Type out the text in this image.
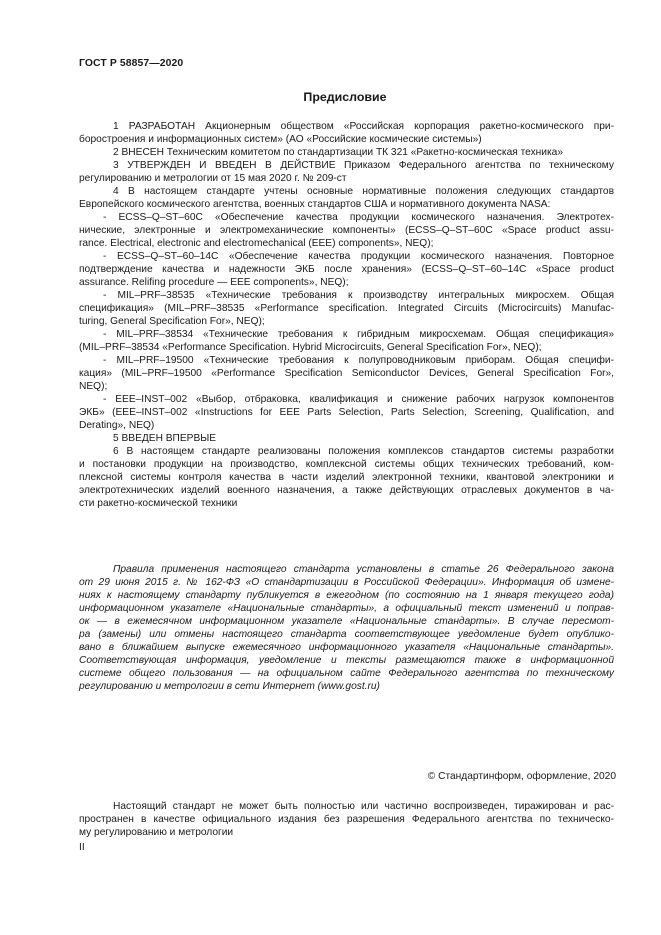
ГОСТ Р 58857—2020
Предисловие
1 РАЗРАБОТАН Акционерным обществом «Российская корпорация ракетно-космического при-
боростроения и информационных систем» (АО «Российские космические системы»)
2 ВНЕСЕН Техническим комитетом по стандартизации ТК 321 «Ракетно-космическая техника»
3 УТВЕРЖДЕН И ВВЕДЕН В ДЕЙСТВИЕ Приказом Федерального агентства по техническому
регулированию и метрологии от 15 мая 2020 г. № 209-ст
4 В настоящем стандарте учтены основные нормативные положения следующих стандартов
Европейского космического агентства, военных стандартов США и нормативного документа NASA:
- ECSS–Q–ST–60C «Обеспечение качества продукции космического назначения. Электротех-
нические, электронные и электромеханические компоненты» (ECSS–Q–ST–60C «Space product assu-
rance. Electrical, electronic and electromechanical (EEE) components», NEQ);
- ECSS–Q–ST–60–14C «Обеспечение качества продукции космического назначения. Повторное
подтверждение качества и надежности ЭКБ после хранения» (ECSS–Q–ST–60–14C «Space product
assurance. Relifing procedure — EEE components», NEQ);
- MIL–PRF–38535 «Технические требования к производству интегральных микросхем. Общая
спецификация» (MIL–PRF–38535 «Performance specification. Integrated Circuits (Microcircuits) Manufac-
turing, General Specification For», NEQ);
- MIL–PRF–38534 «Технические требования к гибридным микросхемам. Общая спецификация»
(MIL–PRF–38534 «Performance Specification. Hybrid Microcircuits, General Specification For», NEQ);
- MIL–PRF–19500 «Технические требования к полупроводниковым приборам. Общая специфи-
кация» (MIL–PRF–19500 «Performance Specification Semiconductor Devices, General Specification For»,
NEQ);
- EEE–INST–002 «Выбор, отбраковка, квалификация и снижение рабочих нагрузок компонентов
ЭКБ» (EEE–INST–002 «Instructions for EEE Parts Selection, Parts Selection, Screening, Qualification, and
Derating», NEQ)
5 ВВЕДЕН ВПЕРВЫЕ
6 В настоящем стандарте реализованы положения комплексов стандартов системы разработки
и постановки продукции на производство, комплексной системы общих технических требований, ком-
плексной системы контроля качества в части изделий электронной техники, квантовой электроники и
электротехнических изделий военного назначения, а также действующих отраслевых документов в ча-
сти ракетно-космической техники
Правила применения настоящего стандарта установлены в статье 26 Федерального закона
от 29 июня 2015 г. № 162-ФЗ «О стандартизации в Российской Федерации». Информация об измене-
ниях к настоящему стандарту публикуется в ежегодном (по состоянию на 1 января текущего года)
информационном указателе «Национальные стандарты», а официальный текст изменений и поправ-
ок — в ежемесячном информационном указателе «Национальные стандарты». В случае пересмот-
ра (замены) или отмены настоящего стандарта соответствующее уведомление будет опублико-
вано в ближайшем выпуске ежемесячного информационного указателя «Национальные стандарты».
Соответствующая информация, уведомление и тексты размещаются также в информационной
системе общего пользования — на официальном сайте Федерального агентства по техническому
регулированию и метрологии в сети Интернет (www.gost.ru)
© Стандартинформ, оформление, 2020
Настоящий стандарт не может быть полностью или частично воспроизведен, тиражирован и рас-
пространен в качестве официального издания без разрешения Федерального агентства по техническо-
му регулированию и метрологии
II
